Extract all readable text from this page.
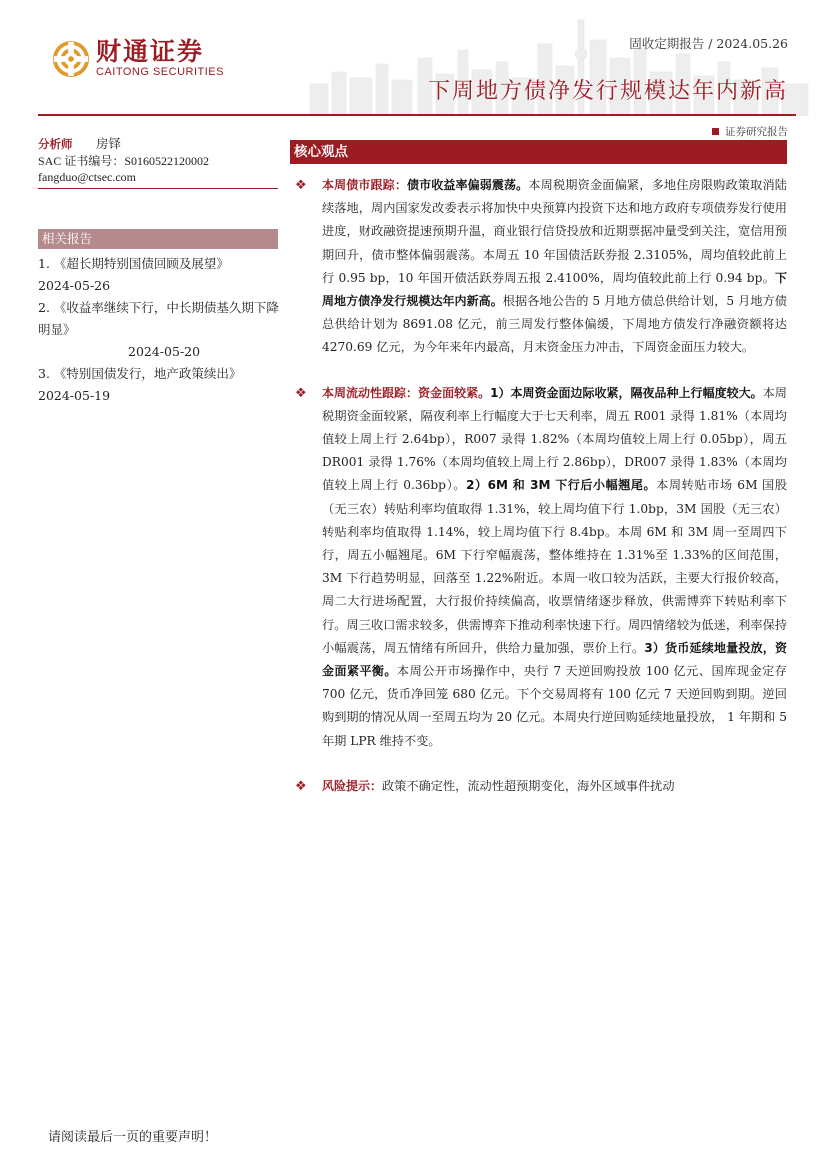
财通证券
CAITONG SECURITIES
固收定期报告 / 2024.05.26
下周地方债净发行规模达年内新高
证券研究报告
分析师	房铎
SAC 证书编号：S0160522120002
fangduo@ctsec.com
相关报告
1. 《超长期特别国债回顾及展望》
2024-05-26
2. 《收益率继续下行，中长期债基久期下降明显》
2024-05-20
3. 《特别国债发行，地产政策续出》
2024-05-19
核心观点
❖ 本周债市跟踪：债市收益率偏弱震荡。本周税期资金面偏紧，多地住房限购政策取消陆续落地，周内国家发改委表示将加快中央预算内投资下达和地方政府专项债券发行使用进度，财政融资提速预期升温，商业银行信贷投放和近期票据冲量受到关注，宽信用预期回升，债市整体偏弱震荡。本周五 10 年国债活跃券报 2.3105%，周均值较此前上行 0.95 bp，10 年国开债活跃券周五报 2.4100%，周均值较此前上行 0.94 bp。下周地方债净发行规模达年内新高。根据各地公告的 5 月地方债总供给计划，5 月地方债总供给计划为 8691.08 亿元，前三周发行整体偏缓，下周地方债发行净融资额将达 4270.69 亿元，为今年来年内最高，月末资金压力冲击，下周资金面压力较大。
❖ 本周流动性跟踪：资金面较紧。1）本周资金面边际收紧，隔夜品种上行幅度较大。本周税期资金面较紧，隔夜利率上行幅度大于七天利率，周五 R001 录得 1.81%（本周均值较上周上行 2.64bp），R007 录得 1.82%（本周均值较上周上行 0.05bp），周五 DR001 录得 1.76%（本周均值较上周上行 2.86bp），DR007 录得 1.83%（本周均值较上周上行 0.36bp）。2）6M 和 3M 下行后小幅翘尾。本周转贴市场 6M 国股（无三农）转贴利率均值取得 1.31%，较上周均值下行 1.0bp，3M 国股（无三农）转贴利率均值取得 1.14%，较上周均值下行 8.4bp。本周 6M 和 3M 周一至周四下行，周五小幅翘尾。6M 下行窄幅震荡，整体维持在 1.31%至 1.33%的区间范围，3M 下行趋势明显，回落至 1.22%附近。本周一收口较为活跃，主要大行报价较高，周二大行进场配置，大行报价持续偏高，收票情绪逐步释放，供需博弈下转贴利率下行。周三收口需求较多，供需博弈下推动利率快速下行。周四情绪较为低迷，利率保持小幅震荡，周五情绪有所回升，供给力量加强，票价上行。3）货币延续地量投放，资金面紧平衡。本周公开市场操作中，央行 7 天逆回购投放 100 亿元、国库现金定存 700 亿元，货币净回笼 680 亿元。下个交易周将有 100 亿元 7 天逆回购到期。逆回购到期的情况从周一至周五均为 20 亿元。本周央行逆回购延续地量投放， 1 年期和 5 年期 LPR 维持不变。
❖ 风险提示：政策不确定性，流动性超预期变化，海外区域事件扰动
请阅读最后一页的重要声明！
